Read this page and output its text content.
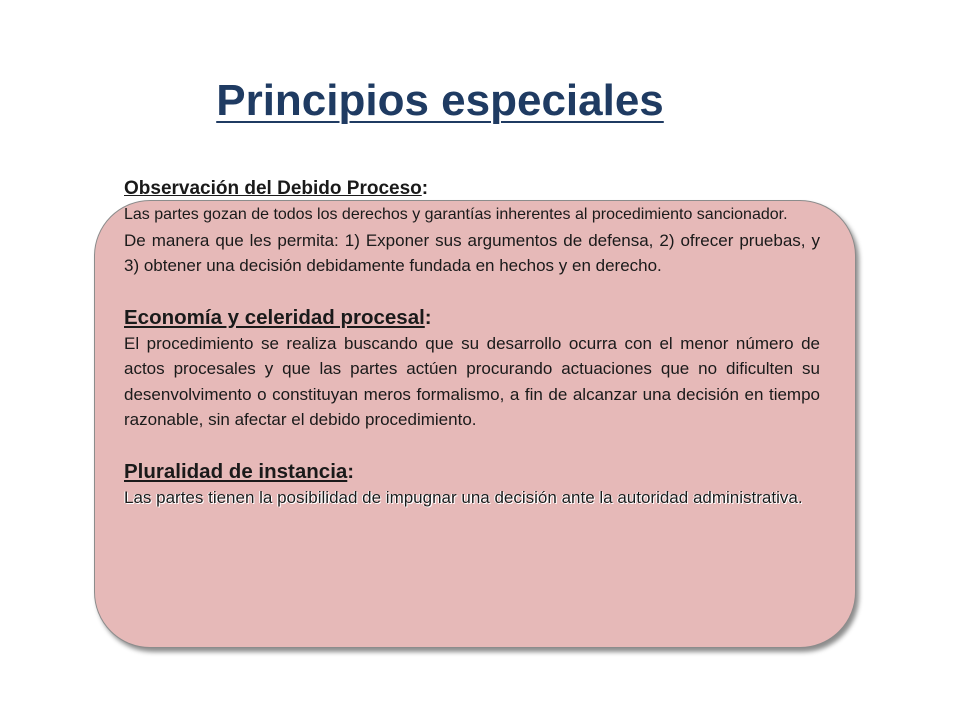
Principios especiales

Observación del Debido Proceso:

Las partes gozan de todos los derechos y garantías inherentes al procedimiento sancionador.

De manera que les permita: 1) Exponer sus argumentos de defensa, 2) ofrecer pruebas, y 3) obtener una decisión debidamente fundada en hechos y en derecho.

Economía y celeridad procesal:

El procedimiento se realiza buscando que su desarrollo ocurra con el menor número de actos procesales y que las partes actúen procurando actuaciones que no dificulten su desenvolvimento o constituyan meros formalismo, a fin de alcanzar una decisión en tiempo razonable, sin afectar el debido procedimiento.

Pluralidad de instancia:

Las partes tienen la posibilidad de impugnar una decisión ante la autoridad administrativa.
